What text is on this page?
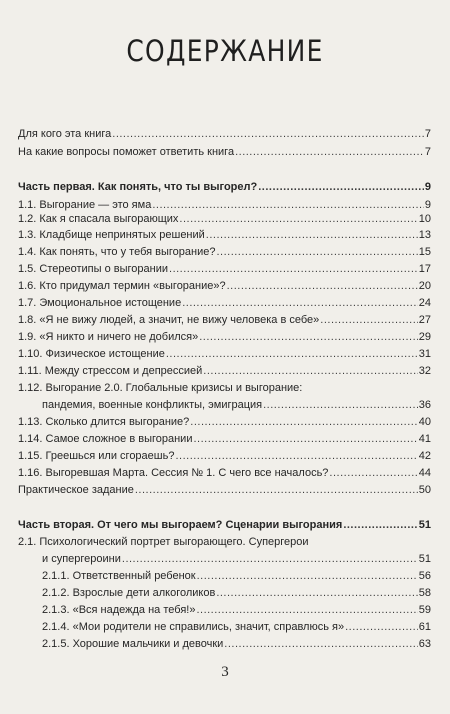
СОДЕРЖАНИЕ
Для кого эта книга .....	7
На какие вопросы поможет ответить книга .....	7
Часть первая. Как понять, что ты выгорел? .....	9
1.1. Выгорание — это яма .....	9
1.2. Как я спасала выгорающих .....	10
1.3. Кладбище непринятых решений .....	13
1.4. Как понять, что у тебя выгорание? .....	15
1.5. Стереотипы о выгорании .....	17
1.6. Кто придумал термин «выгорание»? .....	20
1.7. Эмоциональное истощение .....	24
1.8. «Я не вижу людей, а значит, не вижу человека в себе» .....	27
1.9. «Я никто и ничего не добился» .....	29
1.10. Физическое истощение .....	31
1.11. Между стрессом и депрессией .....	32
1.12. Выгорание 2.0. Глобальные кризисы и выгорание:
пандемия, военные конфликты, эмиграция .....	36
1.13. Сколько длится выгорание? .....	40
1.14. Самое сложное в выгорании .....	41
1.15. Греешься или сгораешь? .....	42
1.16. Выгоревшая Марта. Сессия № 1. С чего все началось? .....	44
Практическое задание .....	50
Часть вторая. От чего мы выгораем? Сценарии выгорания .....	51
2.1. Психологический портрет выгорающего. Супергерои
и супергероини .....	51
2.1.1. Ответственный ребенок .....	56
2.1.2. Взрослые дети алкоголиков .....	58
2.1.3. «Вся надежда на тебя!» .....	59
2.1.4. «Мои родители не справились, значит, справлюсь я» .....	61
2.1.5. Хорошие мальчики и девочки .....	63
3
